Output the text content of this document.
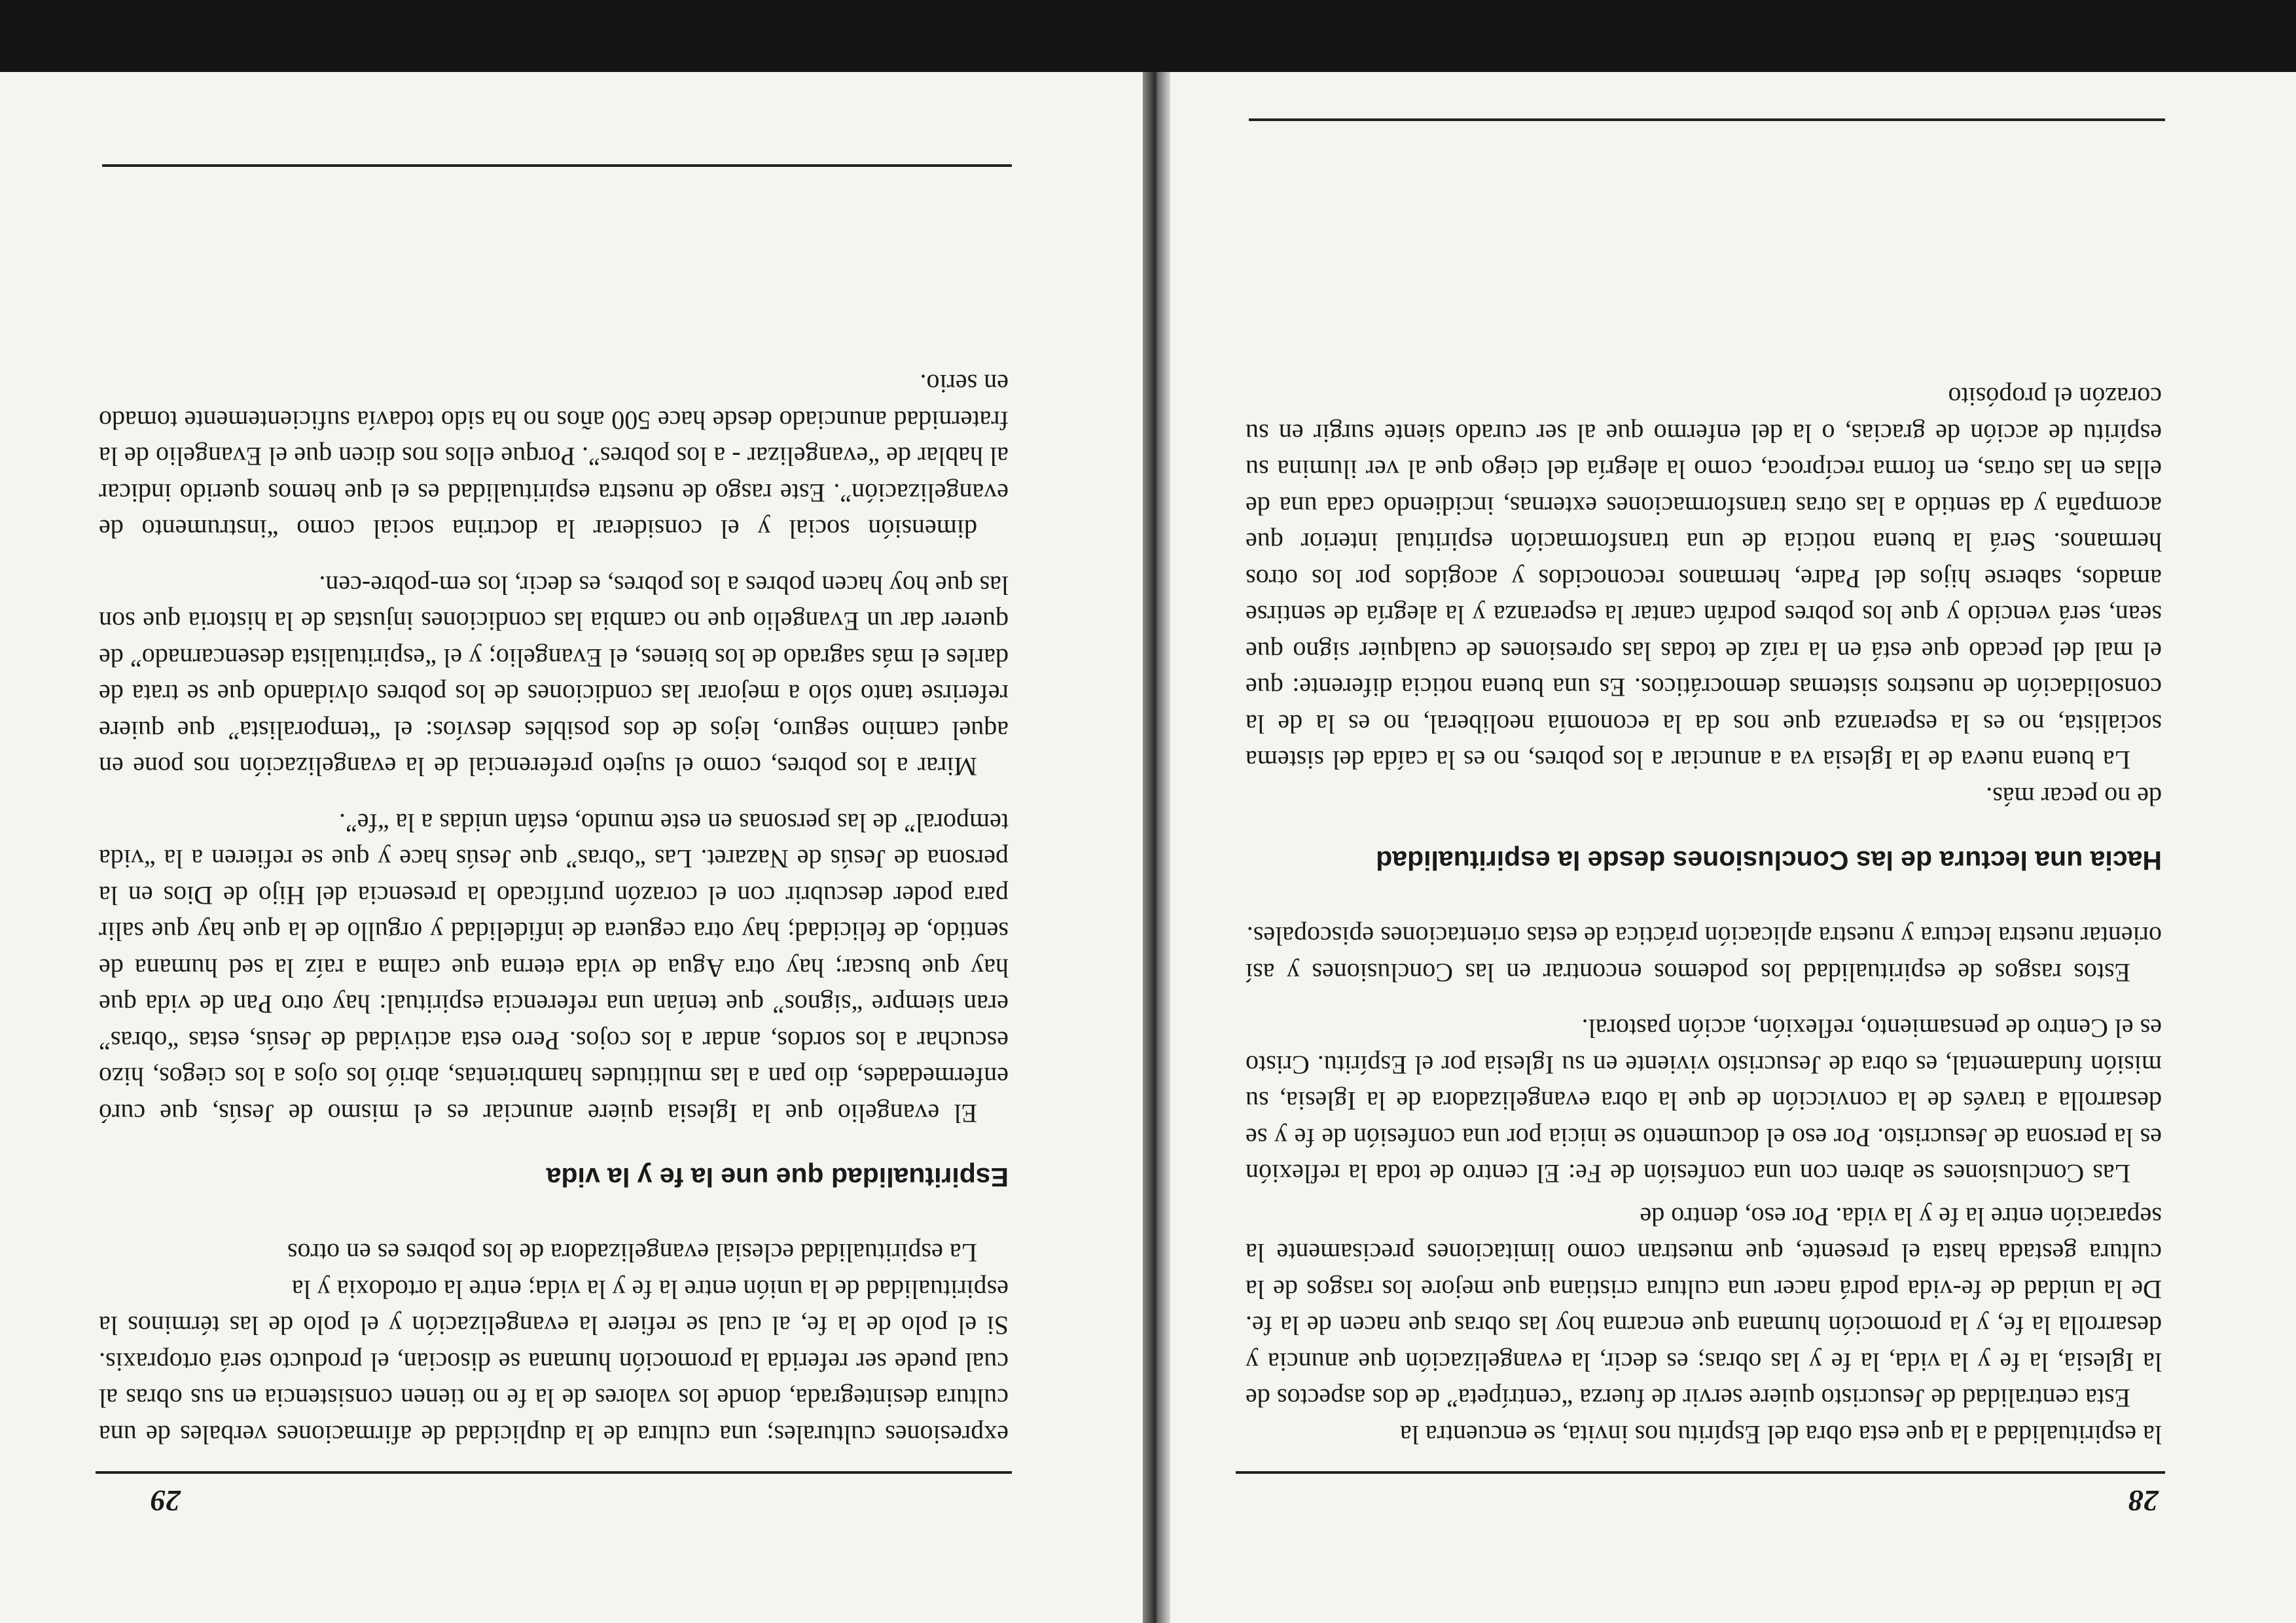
28

la espiritualidad a la que esta obra del Espíritu nos invita, se encuentra la

Esta centralidad de Jesucristo quiere servir de fuerza “centrípeta” de dos aspectos de la Iglesia, la fe y la vida, la fe y las obras; es decir, la evangelización que anuncia y desarrolla la fe, y la promoción humana que encarna hoy las obras que nacen de la fe. De la unidad de fe-vida podrá nacer una cultura cristiana que mejore los rasgos de la cultura gestada hasta el presente, que muestran como limitaciones precisamente la separación entre la fe y la vida. Por eso, dentro de

Las Conclusiones se abren con una confesión de Fe: El centro de toda la reflexión es la persona de Jesucristo. Por eso el documento se inicia por una confesión de fe y se desarrolla a través de la convicción de que la obra evangelizadora de la Iglesia, su misión fundamental, es obra de Jesucristo viviente en su Iglesia por el Espíritu. Cristo es el Centro de pensamiento, reflexión, acción pastoral.

Estos rasgos de espiritualidad los podemos encontrar en las Conclusiones y así orientar nuestra lectura y nuestra aplicación práctica de estas orientaciones episcopales.

Hacia una lectura de las Conclusiones desde la espiritualidad

de no pecar más.

La buena nueva de la Iglesia va a anunciar a los pobres, no es la caída del sistema socialista, no es la esperanza que nos da la economía neoliberal, no es la de la consolidación de nuestros sistemas democráticos. Es una buena noticia diferente: que el mal del pecado que está en la raíz de todas las opresiones de cualquier signo que sean, será vencido y que los pobres podrán cantar la esperanza y la alegría de sentirse amados, saberse hijos del Padre, hermanos reconocidos y acogidos por los otros hermanos. Será la buena noticia de una transformación espiritual interior que acompaña y da sentido a las otras transformaciones externas, incidiendo cada una de ellas en las otras, en forma recíproca, como la alegría del ciego que al ver ilumina su espíritu de acción de gracias, o la del enfermo que al ser curado siente surgir en su corazón el propósito

29

expresiones culturales; una cultura de la duplicidad de afirmaciones verbales de una cultura desintegrada, donde los valores de la fe no tienen consistencia en sus obras al cual puede ser referida la promoción humana se disocian, el producto será ortopraxis. Si el polo de la fe, al cual se refiere la evangelización y el polo de las términos la espiritualidad de la unión entre la fe y la vida; entre la ortodoxia y la

La espiritualidad eclesial evangelizadora de los pobres es en otros

Espiritualidad que une la fe y la vida

El evangelio que la Iglesia quiere anunciar es el mismo de Jesús, que curó enfermedades, dio pan a las multitudes hambrientas, abrió los ojos a los ciegos, hizo escuchar a los sordos, andar a los cojos. Pero esta actividad de Jesús, estas “obras” eran siempre “signos” que tenían una referencia espiritual: hay otro Pan de vida que hay que buscar; hay otra Agua de vida eterna que calma a raíz la sed humana de sentido, de felicidad; hay otra ceguera de infidelidad y orgullo de la que hay que salir para poder descubrir con el corazón purificado la presencia del Hijo de Dios en la persona de Jesús de Nazaret. Las “obras” que Jesús hace y que se refieren a la “vida temporal” de las personas en este mundo, están unidas a la “fe”.

Mirar a los pobres, como el sujeto preferencial de la evangelización nos pone en aquel camino seguro, lejos de dos posibles desvíos: el “temporalista” que quiere referirse tanto sólo a mejorar las condiciones de los pobres olvidando que se trata de darles el más sagrado de los bienes, el Evangelio; y el “espiritualista desencarnado” de querer dar un Evangelio que no cambia las condiciones injustas de la historia que son las que hoy hacen pobres a los pobres, es decir, los em-pobre-cen.

dimensión social y el considerar la doctrina social como “instrumento de evangelización”. Este rasgo de nuestra espiritualidad es el que hemos querido indicar al hablar de “evangelizar - a los pobres”. Porque ellos nos dicen que el Evangelio de la fraternidad anunciado desde hace 500 años no ha sido todavía suficientemente tomado en serio.
